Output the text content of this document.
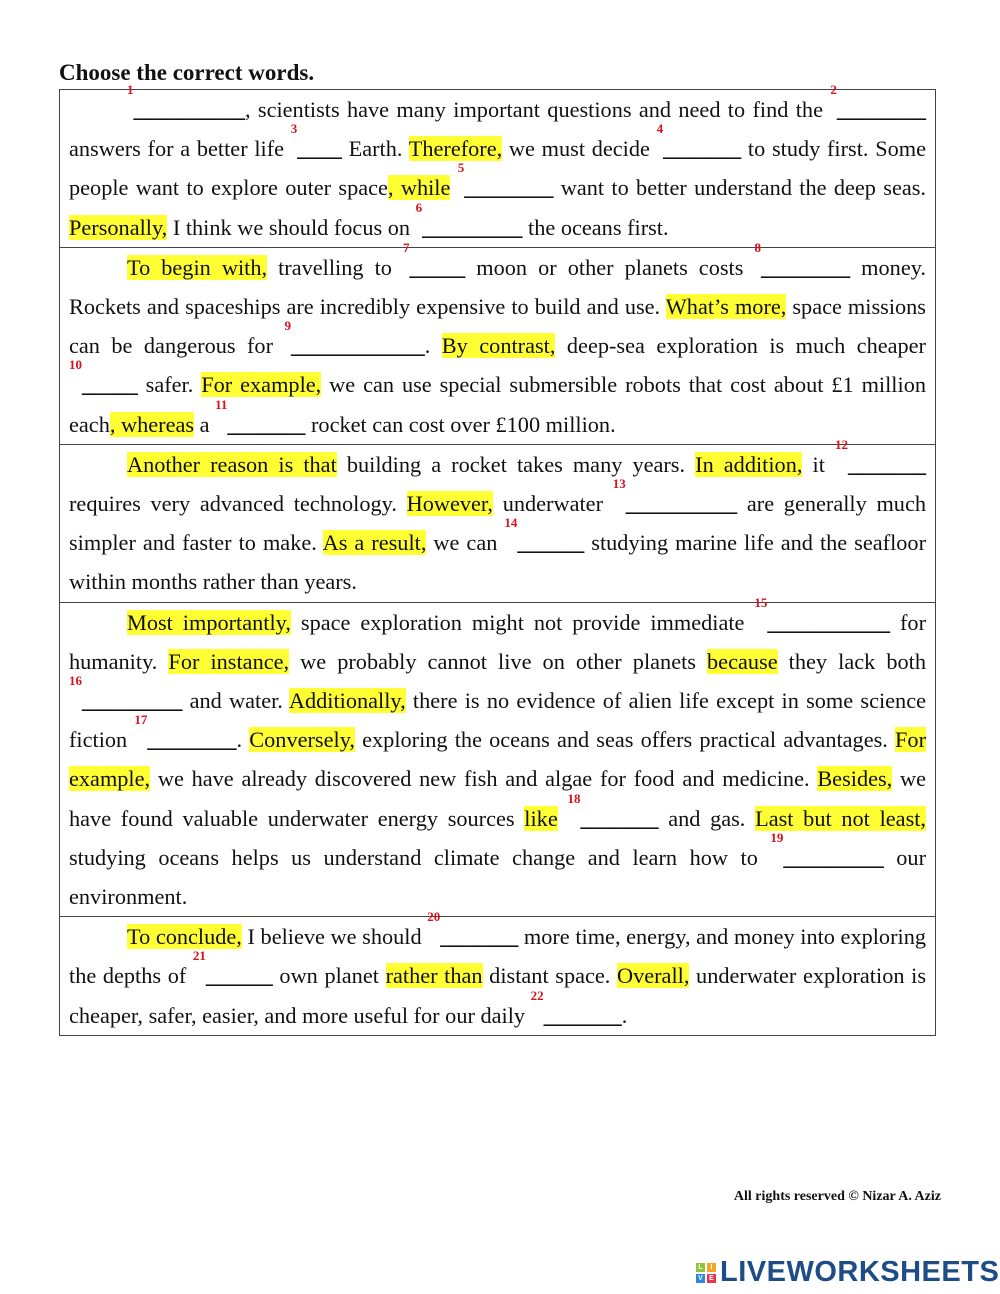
Choose the correct words.
$^1$__________, scientists have many important questions and need to find the $^2$________ answers for a better life $^3$____ Earth. Therefore, we must decide $^4$_______ to study first. Some people want to explore outer space, while $^5$________ want to better understand the deep seas. Personally, I think we should focus on $^6$_________ the oceans first.
To begin with, travelling to $^7$_____ moon or other planets costs $^8$________ money. Rockets and spaceships are incredibly expensive to build and use. What’s more, space missions can be dangerous for $^9$____________. By contrast, deep-sea exploration is much cheaper $^{10}$_____ safer. For example, we can use special submersible robots that cost about £1 million each, whereas a $^{11}$_______ rocket can cost over £100 million.
Another reason is that building a rocket takes many years. In addition, it $^{12}$_______ requires very advanced technology. However, underwater $^{13}$__________ are generally much simpler and faster to make. As a result, we can $^{14}$______ studying marine life and the seafloor within months rather than years.
Most importantly, space exploration might not provide immediate $^{15}$___________ for humanity. For instance, we probably cannot live on other planets because they lack both $^{16}$_________ and water. Additionally, there is no evidence of alien life except in some science fiction $^{17}$________. Conversely, exploring the oceans and seas offers practical advantages. For example, we have already discovered new fish and algae for food and medicine. Besides, we have found valuable underwater energy sources like $^{18}$_______ and gas. Last but not least, studying oceans helps us understand climate change and learn how to $^{19}$_________ our environment.
To conclude, I believe we should $^{20}$_______ more time, energy, and money into exploring the depths of $^{21}$______ own planet rather than distant space. Overall, underwater exploration is cheaper, safer, easier, and more useful for our daily $^{22}$_______.
All rights reserved © Nizar A. Aziz
L	I
V E LIVEWORKSHEETS
